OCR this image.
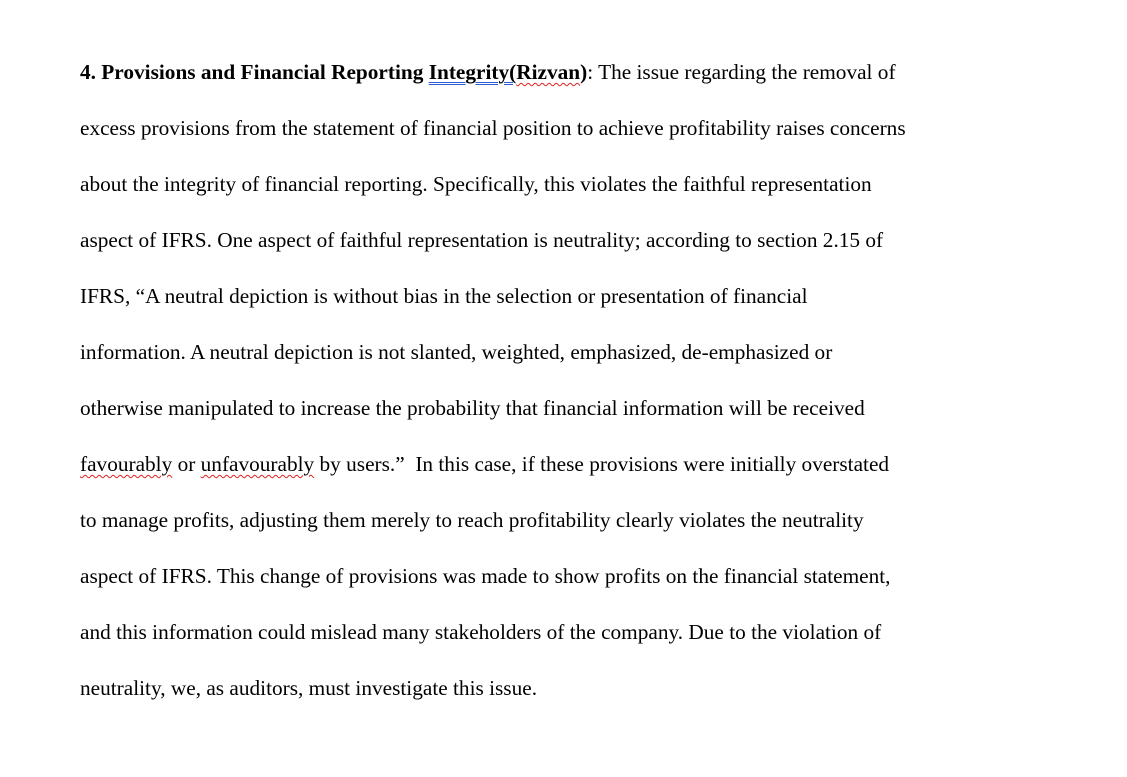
4. Provisions and Financial Reporting Integrity(Rizvan): The issue regarding the removal of
excess provisions from the statement of financial position to achieve profitability raises concerns
about the integrity of financial reporting. Specifically, this violates the faithful representation
aspect of IFRS. One aspect of faithful representation is neutrality; according to section 2.15 of
IFRS, “A neutral depiction is without bias in the selection or presentation of financial
information. A neutral depiction is not slanted, weighted, emphasized, de-emphasized or
otherwise manipulated to increase the probability that financial information will be received
favourably or unfavourably by users.”  In this case, if these provisions were initially overstated
to manage profits, adjusting them merely to reach profitability clearly violates the neutrality
aspect of IFRS. This change of provisions was made to show profits on the financial statement,
and this information could mislead many stakeholders of the company. Due to the violation of
neutrality, we, as auditors, must investigate this issue.
